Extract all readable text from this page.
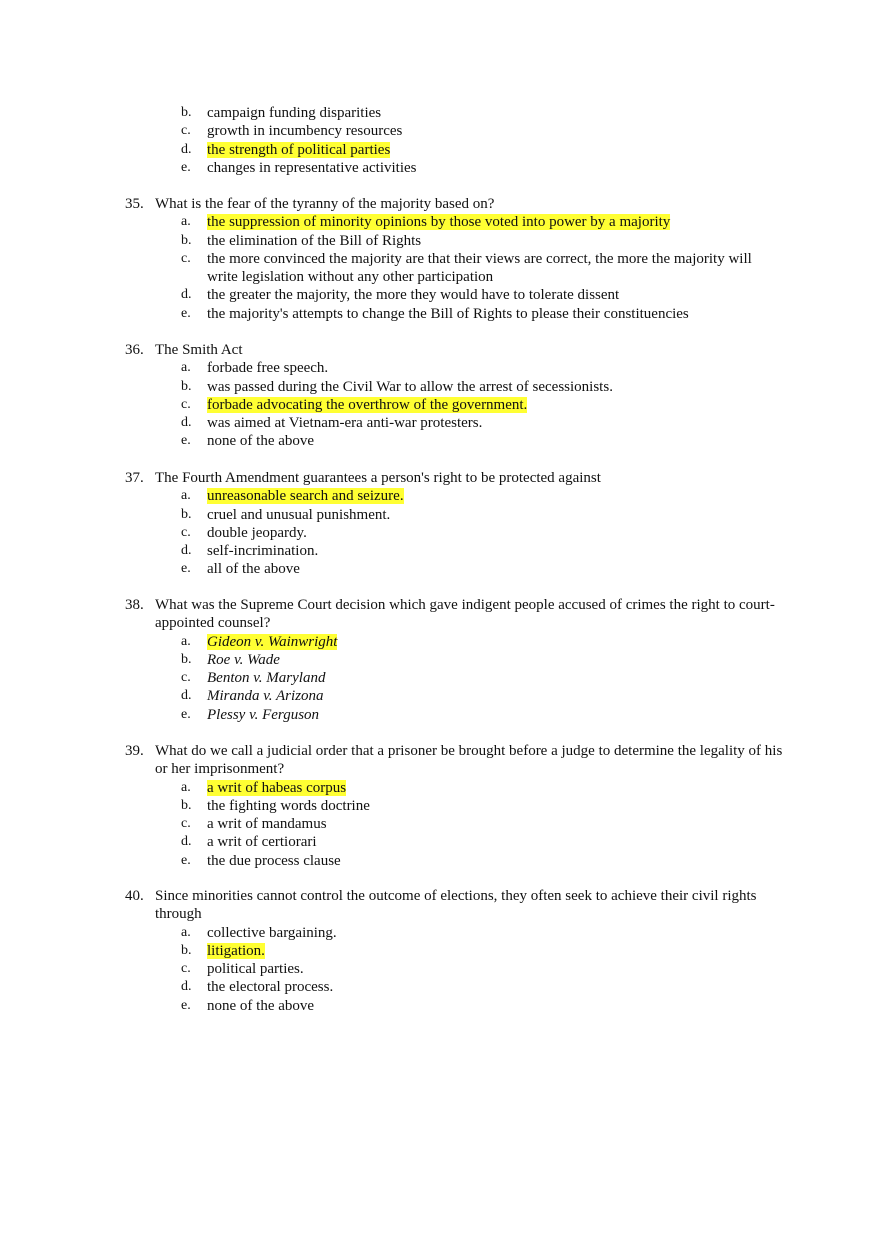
b.	campaign funding disparities
c.	growth in incumbency resources
d.	the strength of political parties
e.	changes in representative activities
35. What is the fear of the tyranny of the majority based on?
a.	the suppression of minority opinions by those voted into power by a majority
b.	the elimination of the Bill of Rights
c.	the more convinced the majority are that their views are correct, the more the majority will write legislation without any other participation
d.	the greater the majority, the more they would have to tolerate dissent
e.	the majority's attempts to change the Bill of Rights to please their constituencies
36. The Smith Act
a.	forbade free speech.
b.	was passed during the Civil War to allow the arrest of secessionists.
c.	forbade advocating the overthrow of the government.
d.	was aimed at Vietnam-era anti-war protesters.
e.	none of the above
37. The Fourth Amendment guarantees a person's right to be protected against
a.	unreasonable search and seizure.
b.	cruel and unusual punishment.
c.	double jeopardy.
d.	self-incrimination.
e.	all of the above
38. What was the Supreme Court decision which gave indigent people accused of crimes the right to court-appointed counsel?
a.	Gideon v. Wainwright
b.	Roe v. Wade
c.	Benton v. Maryland
d.	Miranda v. Arizona
e.	Plessy v. Ferguson
39. What do we call a judicial order that a prisoner be brought before a judge to determine the legality of his or her imprisonment?
a.	a writ of habeas corpus
b.	the fighting words doctrine
c.	a writ of mandamus
d.	a writ of certiorari
e.	the due process clause
40. Since minorities cannot control the outcome of elections, they often seek to achieve their civil rights through
a.	collective bargaining.
b.	litigation.
c.	political parties.
d.	the electoral process.
e.	none of the above
